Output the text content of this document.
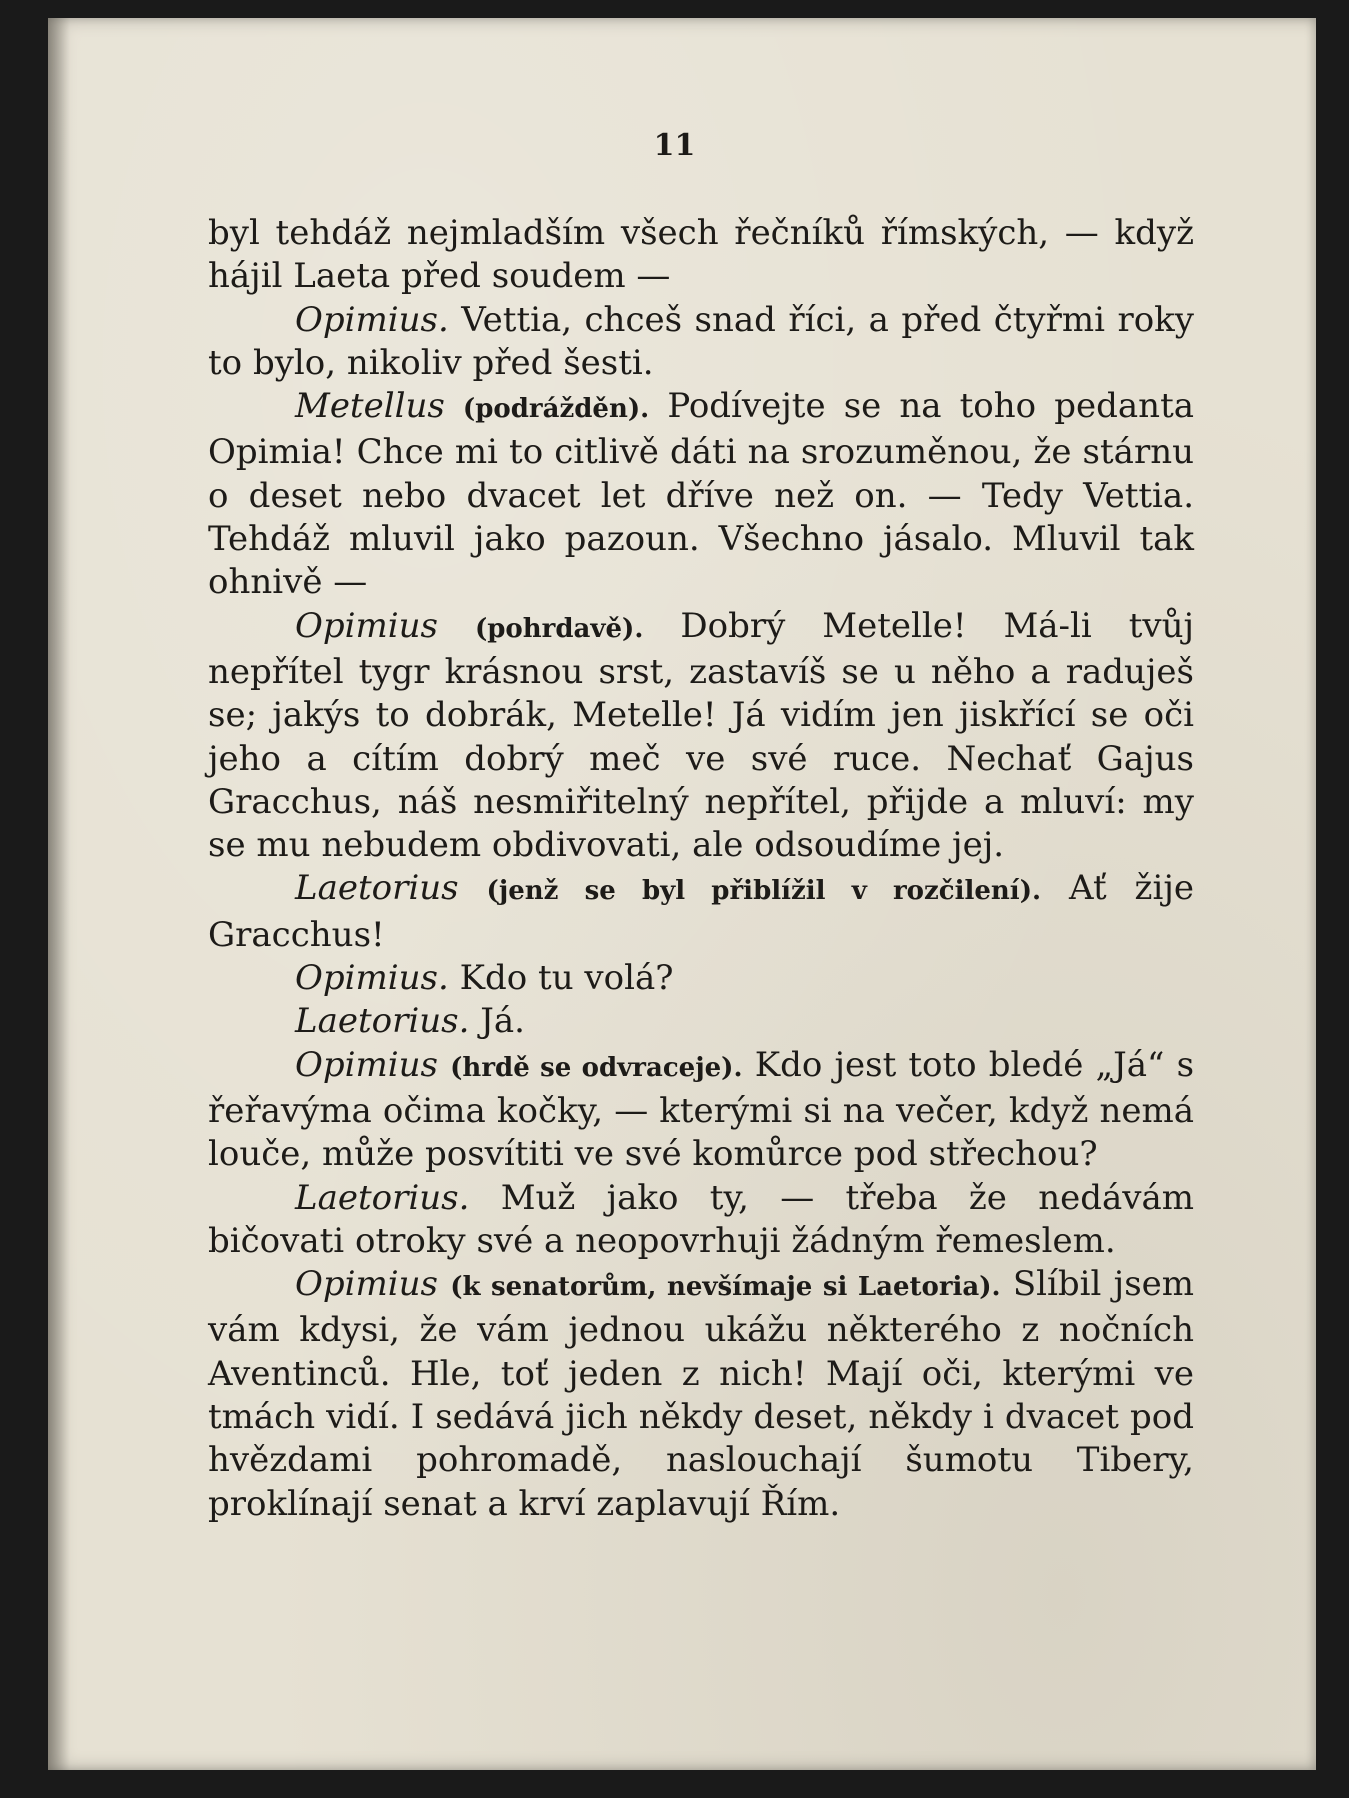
11

byl tehdáž nejmladším všech řečníků římských, — když hájil Laeta před soudem —

Opimius. Vettia, chceš snad říci, a před čtyřmi roky to bylo, nikoliv před šesti.

Metellus (podrážděn). Podívejte se na toho pedanta Opimia! Chce mi to citlivě dáti na srozuměnou, že stárnu o deset nebo dvacet let dříve než on. — Tedy Vettia. Tehdáž mluvil jako pazoun. Všechno jásalo. Mluvil tak ohnivě —

Opimius (pohrdavě). Dobrý Metelle! Má-li tvůj nepřítel tygr krásnou srst, zastavíš se u něho a raduješ se; jakýs to dobrák, Metelle! Já vidím jen jiskřící se oči jeho a cítím dobrý meč ve své ruce. Nechať Gajus Gracchus, náš nesmiřitelný nepřítel, přijde a mluví: my se mu nebudem obdivovati, ale odsoudíme jej.

Laetorius (jenž se byl přiblížil v rozčilení). Ať žije Gracchus!

Opimius. Kdo tu volá?

Laetorius. Já.

Opimius (hrdě se odvraceje). Kdo jest toto bledé „Já“ s řeřavýma očima kočky, — kterými si na večer, když nemá louče, může posvítiti ve své komůrce pod střechou?

Laetorius. Muž jako ty, — třeba že nedávám bičovati otroky své a neopovrhuji žádným řemeslem.

Opimius (k senatorům, nevšímaje si Laetoria). Slíbil jsem vám kdysi, že vám jednou ukážu některého z nočních Aventinců. Hle, toť jeden z nich! Mají oči, kterými ve tmách vidí. I sedává jich někdy deset, někdy i dvacet pod hvězdami pohromadě, naslouchají šumotu Tibery, proklínají senat a krví zaplavují Řím.
